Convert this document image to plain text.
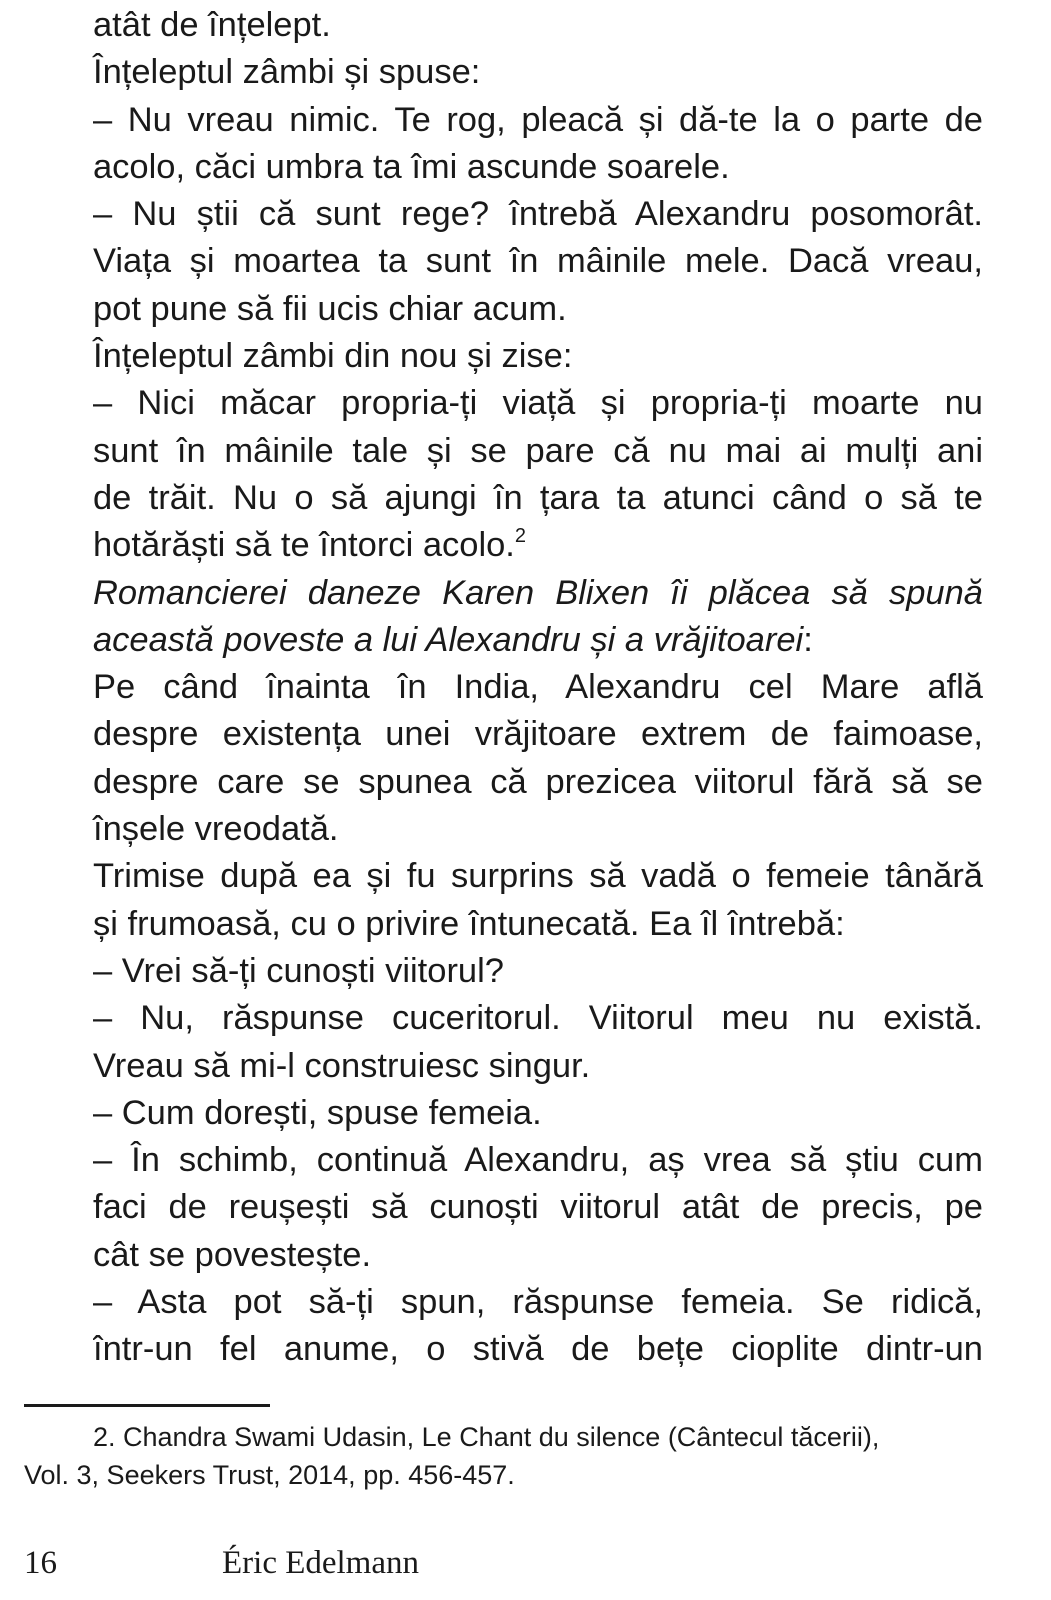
atât de înțelept.
Înțeleptul zâmbi și spuse:
– Nu vreau nimic. Te rog, pleacă și dă-te la o parte de
acolo, căci umbra ta îmi ascunde soarele.
– Nu știi că sunt rege? întrebă Alexandru posomorât.
Viața și moartea ta sunt în mâinile mele. Dacă vreau,
pot pune să fii ucis chiar acum.
Înțeleptul zâmbi din nou și zise:
– Nici măcar propria-ți viață și propria-ți moarte nu
sunt în mâinile tale și se pare că nu mai ai mulți ani
de trăit. Nu o să ajungi în țara ta atunci când o să te
hotărăști să te întorci acolo.$^2$
Romancierei daneze Karen Blixen îi plăcea să spună
această poveste a lui Alexandru și a vrăjitoarei:
Pe când înainta în India, Alexandru cel Mare află
despre existența unei vrăjitoare extrem de faimoase,
despre care se spunea că prezicea viitorul fără să se
înșele vreodată.
Trimise după ea și fu surprins să vadă o femeie tânără
și frumoasă, cu o privire întunecată. Ea îl întrebă:
– Vrei să-ți cunoști viitorul?
– Nu, răspunse cuceritorul. Viitorul meu nu există.
Vreau să mi-l construiesc singur.
– Cum dorești, spuse femeia.
– În schimb, continuă Alexandru, aș vrea să știu cum
faci de reușești să cunoști viitorul atât de precis, pe
cât se povestește.
– Asta pot să-ți spun, răspunse femeia. Se ridică,
într-un fel anume, o stivă de bețe cioplite dintr-un
2. Chandra Swami Udasin, Le Chant du silence (Cântecul tăcerii),
Vol. 3, Seekers Trust, 2014, pp. 456-457.
16	Éric Edelmann
